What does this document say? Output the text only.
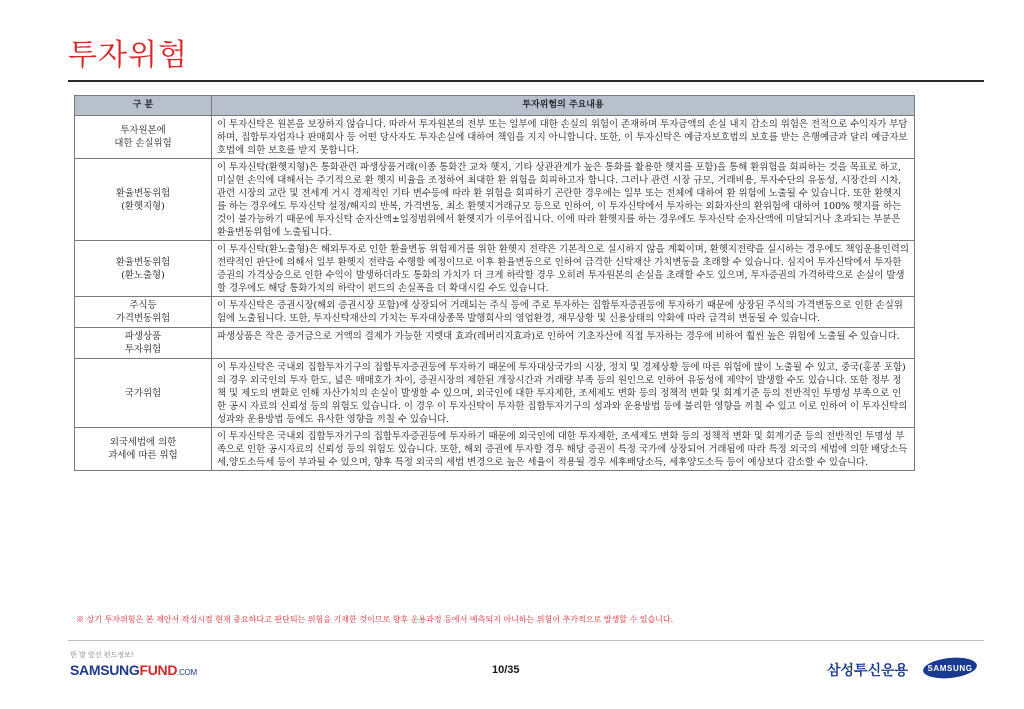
투자위험
구 분	투자위험의 주요내용
투자원본에
대한 손실위험	이 투자신탁은 원본을 보장하지 않습니다. 따라서 투자원본의 전부 또는 일부에 대한 손실의 위험이 존재하며 투자금액의 손실 내지 감소의 위험은 전적으로 수익자가 부담하며, 집합투자업자나 판매회사 등 어떤 당사자도 투자손실에 대하여 책임을 지지 아니합니다. 또한, 이 투자신탁은 예금자보호법의 보호를 받는 은행예금과 달리 예금자보호법에 의한 보호를 받지 못합니다.
환율변동위험
(환헷지형)	이 투자신탁(환헷지형)은 통화관련 파생상품거래(이종 통화간 교차 헷지, 기타 상관관계가 높은 통화를 활용한 헷지를 포함)을 통해 환위험을 회피하는 것을 목표로 하고, 미실현 손익에 대해서는 주기적으로 환 헷지 비율을 조정하여 최대한 환 위험을 회피하고자 합니다. 그러나 관련 시장 규모, 거래비용, 투자수단의 유동성, 시장간의 시차, 관련 시장의 교란 및 전세계 거시 경제적인 기타 변수등에 따라 환 위험을 회피하기 곤란한 경우에는 일부 또는 전체에 대하여 환 위험에 노출될 수 있습니다. 또한 환헷지를 하는 경우에도 투자신탁 설정/해지의 반복, 가격변동, 최소 환헷지거래규모 등으로 인하여, 이 투자신탁에서 투자하는 외화자산의 환위험에 대하여 100% 헷지를 하는 것이 불가능하기 때문에 투자신탁 순자산액±일정범위에서 환헷지가 이루어집니다. 이에 따라 환헷지를 하는 경우에도 투자신탁 순자산액에 미달되거나 초과되는 부분은 환율변동위험에 노출됩니다.
환율변동위험
(환노출형)	이 투자신탁(환노출형)은 해외투자로 인한 환율변동 위험제거를 위한 환헷지 전략은 기본적으로 실시하지 않을 계획이며, 환헷지전략을 실시하는 경우에도 책임운용인력의 전략적인 판단에 의해서 일부 환헷지 전략을 수행할 예정이므로 이후 환율변동으로 인하여 급격한 신탁재산 가치변동을 초래할 수 있습니다. 심지어 투자신탁에서 투자한 증권의 가격상승으로 인한 수익이 발생하더라도 통화의 가치가 더 크게 하락할 경우 오히려 투자원본의 손실을 초래할 수도 있으며, 투자증권의 가격하락으로 손실이 발생할 경우에도 해당 통화가치의 하락이 펀드의 손실폭을 더 확대시킬 수도 있습니다.
주식등
가격변동위험	이 투자신탁은 증권시장(해외 증권시장 포함)에 상장되어 거래되는 주식 등에 주로 투자하는 집합투자증권등에 투자하기 때문에 상장된 주식의 가격변동으로 인한 손실위험에 노출됩니다. 또한, 투자신탁재산의 가치는 투자대상종목 발행회사의 영업환경, 재무상황 및 신용상태의 악화에 따라 급격히 변동될 수 있습니다.
파생상품
투자위험	파생상품은 작은 증거금으로 거액의 결제가 가능한 지렛대 효과(레버리지효과)로 인하여 기초자산에 직접 투자하는 경우에 비하여 훨씬 높은 위험에 노출될 수 있습니다.
국가위험	이 투자신탁은 국내외 집합투자기구의 집합투자증권등에 투자하기 때문에 투자대상국가의 시장, 정치 및 경제상황 등에 따른 위험에 많이 노출될 수 있고, 중국(홍콩 포함)의 경우 외국인의 투자 한도, 넓은 매매호가 차이, 증권시장의 제한된 개장시간과 거래량 부족 등의 원인으로 인하여 유동성에 제약이 발생할 수도 있습니다. 또한 정부 정책 및 제도의 변화로 인해 자산가치의 손실이 발생할 수 있으며, 외국인에 대한 투자제한, 조세제도 변화 등의 정책적 변화 및 회계기준 등의 전반적인 투명성 부족으로 인한 공시 자료의 신뢰성 등의 위험도 있습니다. 이 경우 이 투자신탁이 투자한 집합투자기구의 성과와 운용방법 등에 불리한 영향을 끼칠 수 있고 이로 인하여 이 투자신탁의 성과와 운용방법 등에도 유사한 영향을 끼칠 수 있습니다.
외국세법에 의한
과세에 따른 위험	이 투자신탁은 국내외 집합투자기구의 집합투자증권등에 투자하기 때문에 외국인에 대한 투자제한, 조세제도 변화 등의 정책적 변화 및 회계기준 등의 전반적인 투명성 부족으로 인한 공시자료의 신뢰성 등의 위험도 있습니다. 또한, 해외 증권에 투자할 경우 해당 증권이 특정 국가에 상장되어 거래됨에 따라 특정 외국의 세법에 의한 배당소득세,양도소득세 등이 부과될 수 있으며, 향후 특정 외국의 세법 변경으로 높은 세율이 적용될 경우 세후배당소득, 세후양도소득 등이 예상보다 감소할 수 있습니다.

※ 상기 투자위험은 본 제안서 작성시점 현재 중요하다고 판단되는 위험을 기재한 것이므로 향후 운용과정 등에서 예측되지 아니하는 위험이 추가적으로 발생할 수 있습니다.

한 발 앞선 펀드정보!
SAMSUNGFUND.COM	10/35	삼성투신운용 SAMSUNG
